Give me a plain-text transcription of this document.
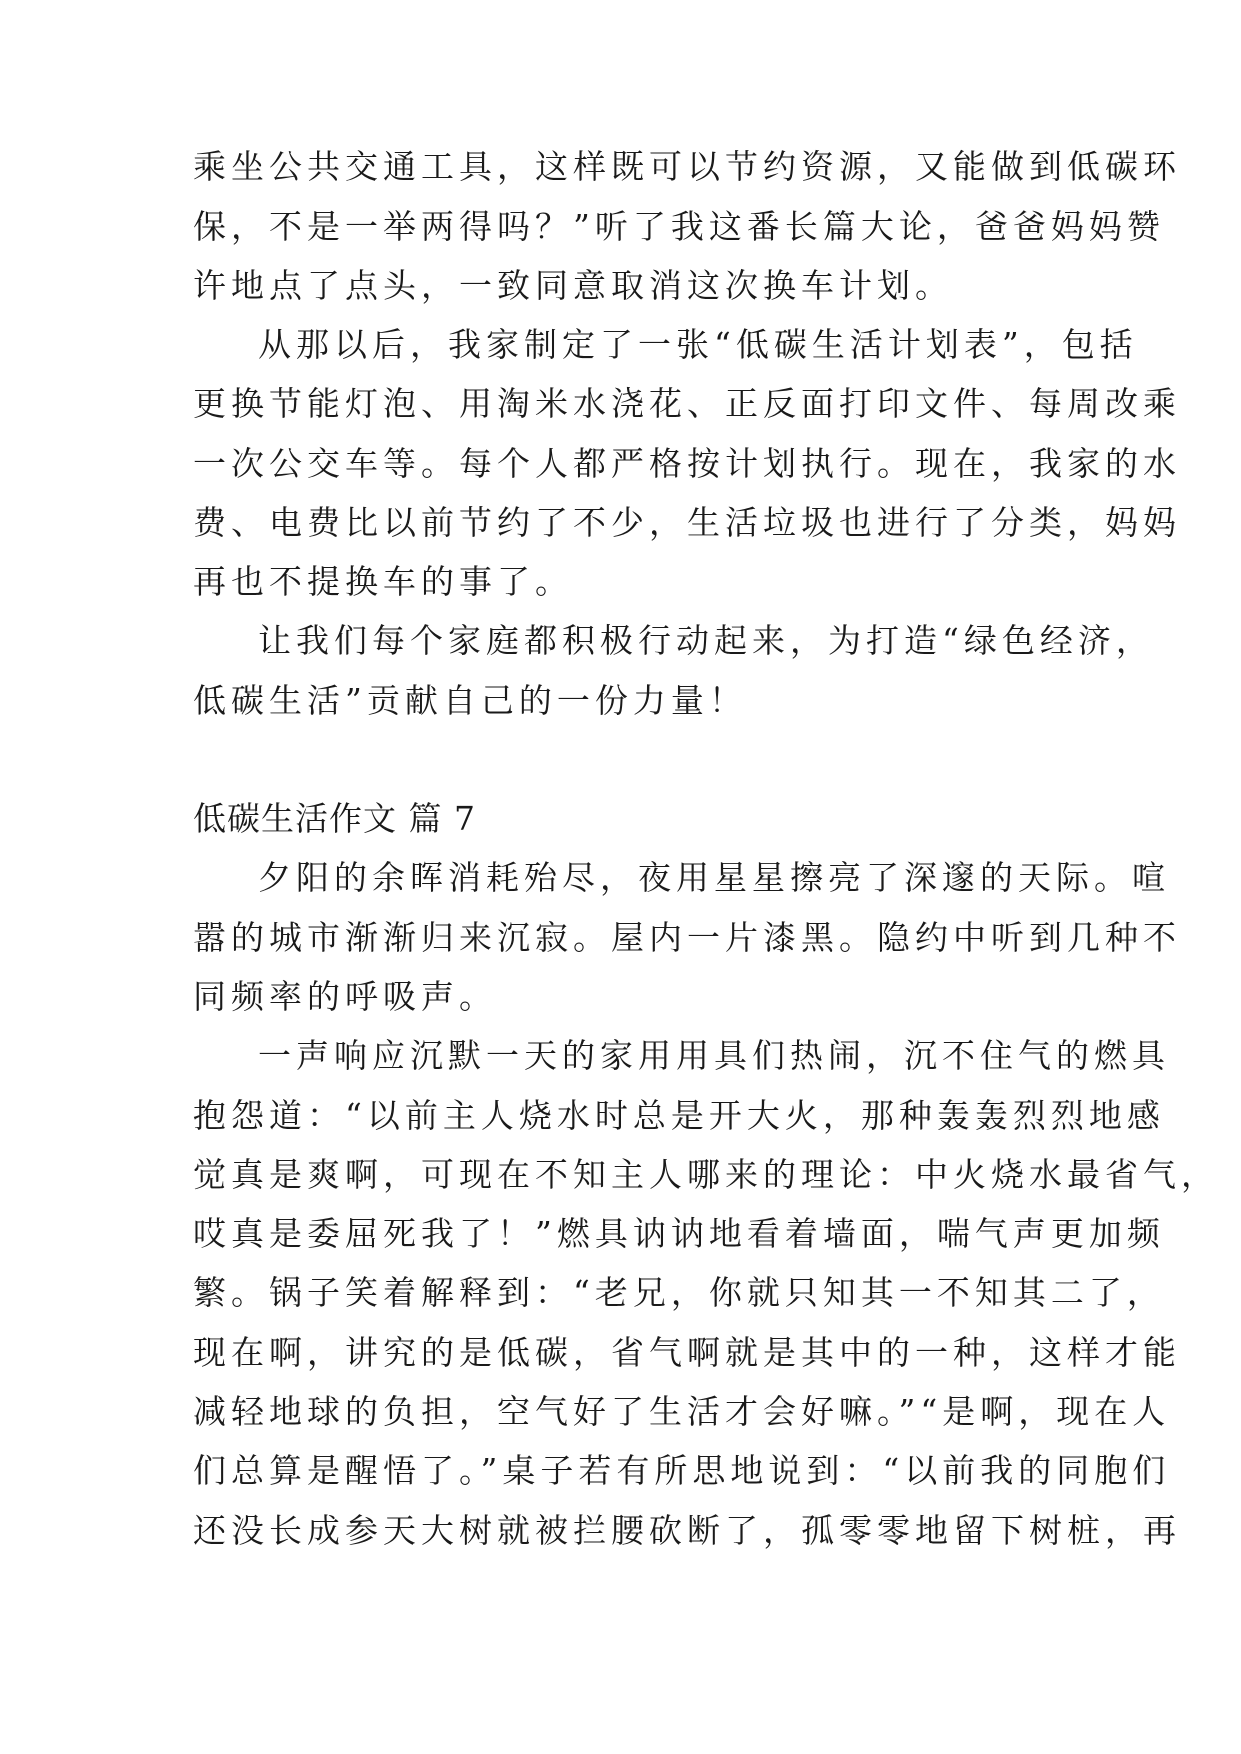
乘坐公共交通工具，这样既可以节约资源，又能做到低碳环
保，不是一举两得吗？”听了我这番长篇大论，爸爸妈妈赞
许地点了点头，一致同意取消这次换车计划。
从那以后，我家制定了一张“低碳生活计划表”，包括
更换节能灯泡、用淘米水浇花、正反面打印文件、每周改乘
一次公交车等。每个人都严格按计划执行。现在，我家的水
费、电费比以前节约了不少，生活垃圾也进行了分类，妈妈
再也不提换车的事了。
让我们每个家庭都积极行动起来，为打造“绿色经济，
低碳生活”贡献自己的一份力量！
低碳生活作文 篇 7
夕阳的余晖消耗殆尽，夜用星星擦亮了深邃的天际。喧
嚣的城市渐渐归来沉寂。屋内一片漆黑。隐约中听到几种不
同频率的呼吸声。
一声响应沉默一天的家用用具们热闹，沉不住气的燃具
抱怨道：“以前主人烧水时总是开大火，那种轰轰烈烈地感
觉真是爽啊，可现在不知主人哪来的理论：中火烧水最省气，
哎真是委屈死我了！”燃具讷讷地看着墙面，喘气声更加频
繁。锅子笑着解释到：“老兄，你就只知其一不知其二了，
现在啊，讲究的是低碳，省气啊就是其中的一种，这样才能
减轻地球的负担，空气好了生活才会好嘛。”“是啊，现在人
们总算是醒悟了。”桌子若有所思地说到：“以前我的同胞们
还没长成参天大树就被拦腰砍断了，孤零零地留下树桩，再
